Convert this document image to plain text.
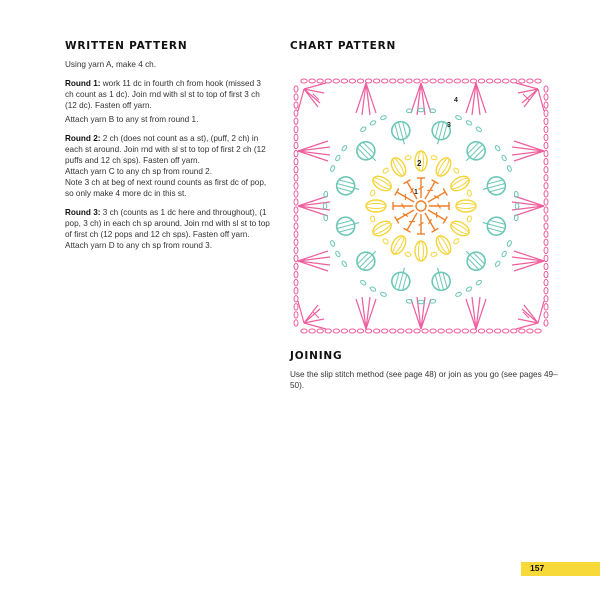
WRITTEN PATTERN

Using yarn A, make 4 ch.

Round 1: work 11 dc in fourth ch from hook (missed 3 ch count as 1 dc). Join rnd with sl st to top of first 3 ch (12 dc). Fasten off yarn.

Attach yarn B to any st from round 1.

Round 2: 2 ch (does not count as a st), (puff, 2 ch) in each st around. Join rnd with sl st to top of first 2 ch (12 puffs and 12 ch sps). Fasten off yarn.

Attach yarn C to any ch sp from round 2.

Note 3 ch at beg of next round counts as first dc of pop, so only make 4 more dc in this st.

Round 3: 3 ch (counts as 1 dc here and throughout), (1 pop, 3 ch) in each ch sp around. Join rnd with sl st to top of first ch (12 pops and 12 ch sps). Fasten off yarn.

Attach yarn D to any ch sp from round 3.

CHART PATTERN
1
2
3
4
JOINING

Use the slip stitch method (see page 48) or join as you go (see pages 49–50).

157
